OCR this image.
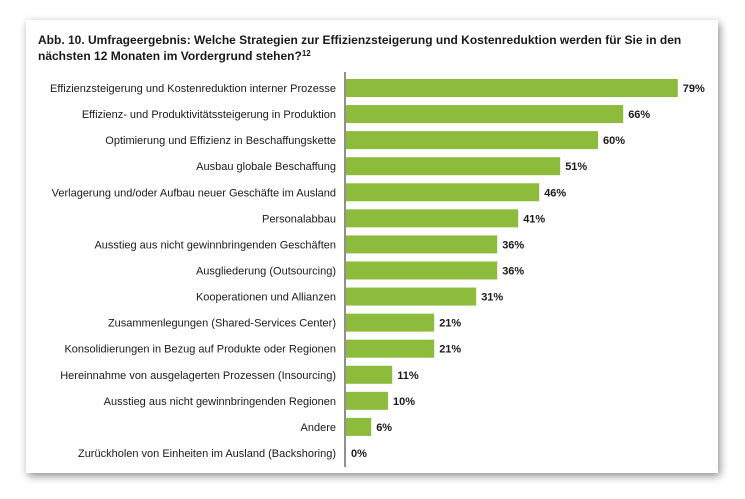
Abb. 10. Umfrageergebnis: Welche Strategien zur Effizienzsteigerung und Kostenreduktion werden für Sie in den nächsten 12 Monaten im Vordergrund stehen?$^{12}$
Effizienzsteigerung und Kostenreduktion interner Prozesse	79%
Effizienz- und Produktivitätssteigerung in Produktion	66%
Optimierung und Effizienz in Beschaffungskette	60%
Ausbau globale Beschaffung	51%
Verlagerung und/oder Aufbau neuer Geschäfte im Ausland	46%
Personalabbau	41%
Ausstieg aus nicht gewinnbringenden Geschäften	36%
Ausgliederung (Outsourcing)	36%
Kooperationen und Allianzen	31%
Zusammenlegungen (Shared-Services Center)	21%
Konsolidierungen in Bezug auf Produkte oder Regionen	21%
Hereinnahme von ausgelagerten Prozessen (Insourcing)	11%
Ausstieg aus nicht gewinnbringenden Regionen	10%
Andere	6%
Zurückholen von Einheiten im Ausland (Backshoring) 0%
